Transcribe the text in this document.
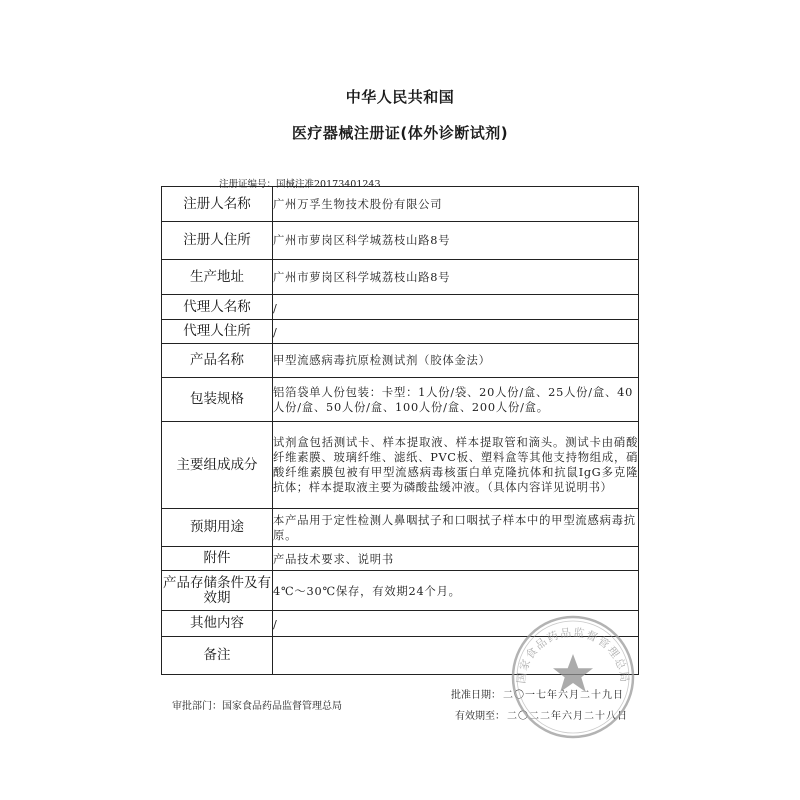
中华人民共和国
医疗器械注册证(体外诊断试剂)
注册证编号：国械注准20173401243
注册人名称	广州万孚生物技术股份有限公司
注册人住所	广州市萝岗区科学城荔枝山路8号
生产地址	广州市萝岗区科学城荔枝山路8号
代理人名称	/
代理人住所	/
产品名称	甲型流感病毒抗原检测试剂（胶体金法）
包装规格	铝箔袋单人份包装：卡型：1人份/袋、20人份/盒、25人份/盒、40人份/盒、50人份/盒、100人份/盒、200人份/盒。
主要组成成分	试剂盒包括测试卡、样本提取液、样本提取管和滴头。测试卡由硝酸纤维素膜、玻璃纤维、滤纸、PVC板、塑料盒等其他支持物组成，硝酸纤维素膜包被有甲型流感病毒核蛋白单克隆抗体和抗鼠IgG多克隆抗体；样本提取液主要为磷酸盐缓冲液。（具体内容详见说明书）
预期用途	本产品用于定性检测人鼻咽拭子和口咽拭子样本中的甲型流感病毒抗原。
附件	产品技术要求、说明书
产品存储条件及有效期	4℃～30℃保存，有效期24个月。
其他内容	/
备注	
审批部门：国家食品药品监督管理总局
批准日期： 二〇一七年六月二十九日
有效期至： 二〇二二年六月二十八日
国家食品药品监督管理总局
